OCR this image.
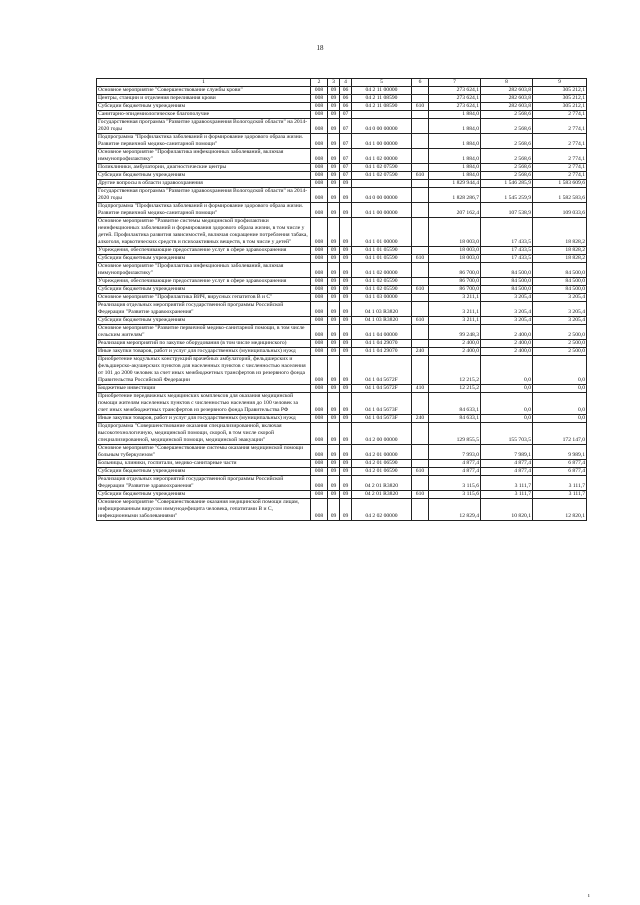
18
1	2	3	4	5	6	7	8	9
Основное мероприятие "Совершенствование службы крови"	008	09	06	04 2 11 00000		273 624,1	282 603,8	305 212,1
Центры, станции и отделения переливания крови	008	09	06	04 2 11 08590		273 624,1	282 603,8	305 212,1
Субсидии бюджетным учреждениям	008	09	06	04 2 11 08590	610	273 624,1	282 603,8	305 212,1
Санитарно-эпидемиологическое благополучие	008	09	07			1 884,0	2 568,6	2 774,1
Государственная программа "Развитие здравоохранения Вологодской области" на 2014-2020 годы	008	09	07	04 0 00 00000		1 884,0	2 568,6	2 774,1
Подпрограмма "Профилактика заболеваний и формирование здорового образа жизни. Развитие первичной медико-санитарной помощи"	008	09	07	04 1 00 00000		1 884,0	2 568,6	2 774,1
Основное мероприятие "Профилактика инфекционных заболеваний, включая иммунопрофилактику"	008	09	07	04 1 02 00000		1 884,0	2 568,6	2 774,1
Поликлиники, амбулатории, диагностические центры	008	09	07	04 1 02 07590		1 884,0	2 568,6	2 774,1
Субсидии бюджетным учреждениям	008	09	07	04 1 02 07590	610	1 884,0	2 568,6	2 774,1
Другие вопросы в области здравоохранения	008	09	09			1 829 944,4	1 546 285,9	1 583 609,6
Государственная программа "Развитие здравоохранения Вологодской области" на 2014-2020 годы	008	09	09	04 0 00 00000		1 828 286,7	1 545 259,9	1 582 583,6
Подпрограмма "Профилактика заболеваний и формирование здорового образа жизни. Развитие первичной медико-санитарной помощи"	008	09	09	04 1 00 00000		207 162,4	107 538,9	109 033,6
Основное мероприятие "Развитие системы медицинской профилактики неинфекционных заболеваний и формирования здорового образа жизни, в том числе у детей. Профилактика развития зависимостей, включая сокращение потребления табака, алкоголя, наркотических средств и психоактивных веществ, в том числе у детей"	008	09	09	04 1 01 00000		18 003,0	17 433,5	18 828,2
Учреждения, обеспечивающие предоставление услуг в сфере здравоохранения	008	09	09	04 1 01 05590		18 003,0	17 433,5	18 828,2
Субсидии бюджетным учреждениям	008	09	09	04 1 01 05590	610	18 003,0	17 433,5	18 828,2
Основное мероприятие "Профилактика инфекционных заболеваний, включая иммунопрофилактику"	008	09	09	04 1 02 00000		86 700,0	84 500,0	84 500,0
Учреждения, обеспечивающие предоставление услуг в сфере здравоохранения	008	09	09	04 1 02 05590		86 700,0	84 500,0	84 500,0
Субсидии бюджетным учреждениям	008	09	09	04 1 02 05590	610	86 700,0	84 500,0	84 500,0
Основное мероприятие "Профилактика ВИЧ, вирусных гепатитов В и С"	008	09	09	04 1 03 00000		3 211,1	3 205,4	3 205,4
Реализация отдельных мероприятий государственной программы Российской Федерации "Развитие здравоохранения"	008	09	09	04 1 03 R3820		3 211,1	3 205,4	3 205,4
Субсидии бюджетным учреждениям	008	09	09	04 1 03 R3820	610	3 211,1	3 205,4	3 205,4
Основное мероприятие "Развитие первичной медико-санитарной помощи, в том числе сельским жителям"	008	09	09	04 1 04 00000		99 248,3	2 400,0	2 500,0
Реализация мероприятий по закупке оборудования (в том числе медицинского)	008	09	09	04 1 04 29070		2 400,0	2 400,0	2 500,0
Иные закупки товаров, работ и услуг для государственных (муниципальных) нужд	008	09	09	04 1 04 29070	240	2 400,0	2 400,0	2 500,0
Приобретение модульных конструкций врачебных амбулаторий, фельдшерских и фельдшерско-акушерских пунктов для населенных пунктов с численностью населения от 101 до 2000 человек за счет иных межбюджетных трансфертов из резервного фонда Правительства Российской Федерации	008	09	09	04 1 04 5672F		12 215,2	0,0	0,0
Бюджетные инвестиции	008	09	09	04 1 04 5672F	410	12 215,2	0,0	0,0
Приобретение передвижных медицинских комплексов для оказания медицинской помощи жителям населенных пунктов с численностью населения до 100 человек за счет иных межбюджетных трансфертов из резервного фонда Правительства РФ	008	09	09	04 1 04 5673F		84 633,1	0,0	0,0
Иные закупки товаров, работ и услуг для государственных (муниципальных) нужд	008	09	09	04 1 04 5673F	240	84 633,1	0,0	0,0
Подпрограмма "Совершенствование оказания специализированной, включая высокотехнологичную, медицинской помощи, скорой, в том числе скорой специализированной, медицинской помощи, медицинской эвакуации"	008	09	09	04 2 00 00000		129 855,5	155 703,5	172 147,0
Основное мероприятие "Совершенствование системы оказания медицинской помощи больным туберкулезом"	008	09	09	04 2 01 00000		7 993,0	7 989,1	9 989,1
Больницы, клиники, госпитали, медико-санитарные части	008	09	09	04 2 01 06590		4 877,4	4 877,4	6 877,4
Субсидии бюджетным учреждениям	008	09	09	04 2 01 06590	610	4 877,4	4 877,4	6 877,4
Реализация отдельных мероприятий государственной программы Российской Федерации "Развитие здравоохранения"	008	09	09	04 2 01 R3820		3 115,6	3 111,7	3 111,7
Субсидии бюджетным учреждениям	008	09	09	04 2 01 R3820	610	3 115,6	3 111,7	3 111,7
Основное мероприятие "Совершенствование оказания медицинской помощи лицам, инфицированным вирусом иммунодефицита человека, гепатитами В и С, инфекционными заболеваниями"	008	09	09	04 2 02 00000		12 829,4	10 820,1	12 820,1
ı
